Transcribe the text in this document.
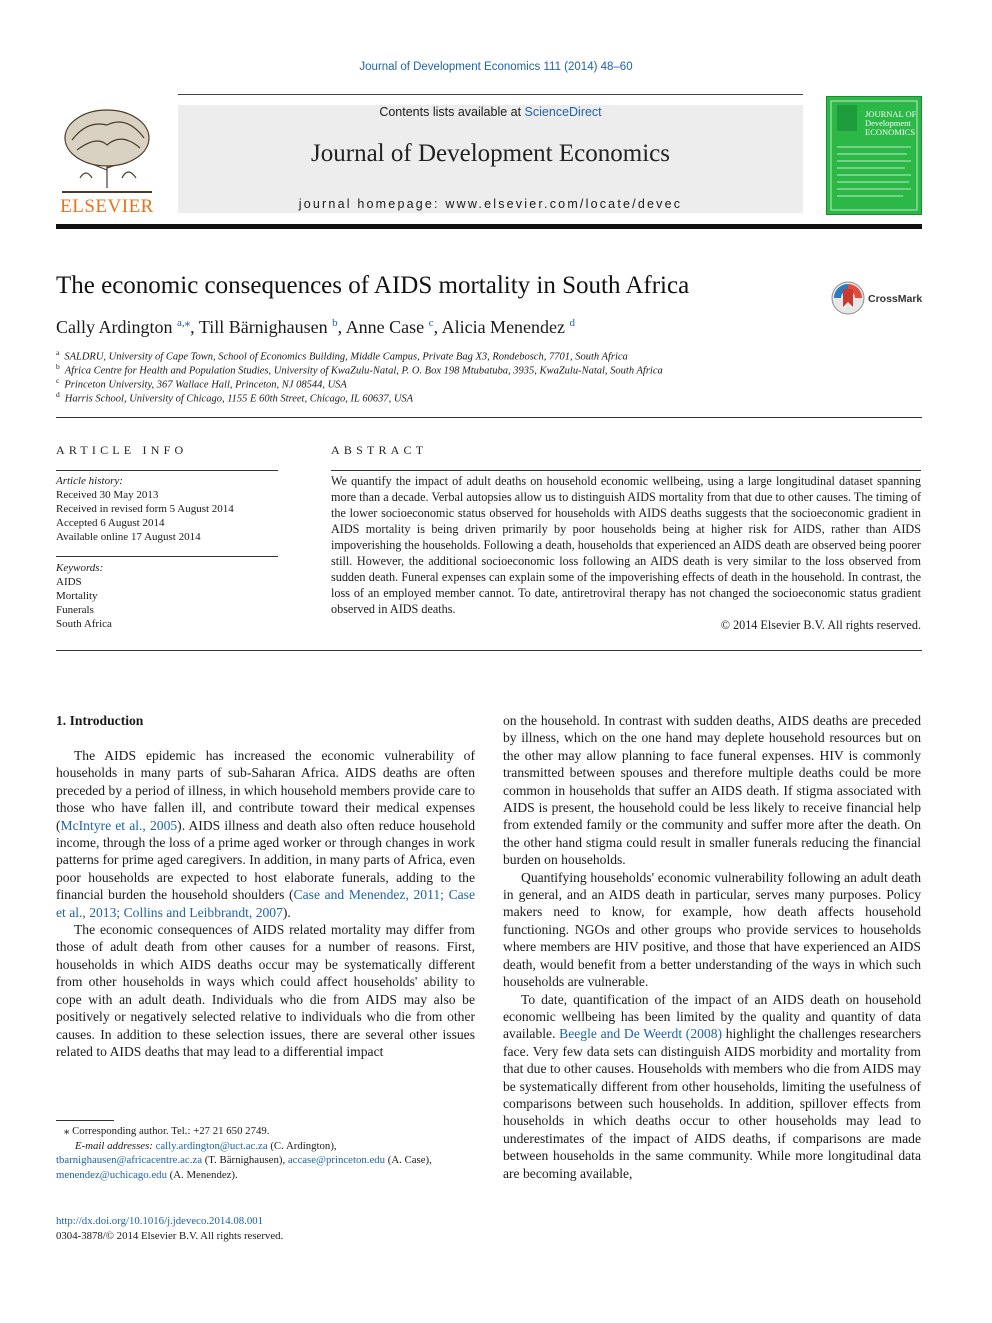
Journal of Development Economics 111 (2014) 48–60
Contents lists available at ScienceDirect
Journal of Development Economics
journal homepage: www.elsevier.com/locate/devec
ELSEVIER
JOURNAL OF
Development
ECONOMICS
The economic consequences of AIDS mortality in South Africa	CrossMark
Cally Ardington $^{a,⁎}$, Till Bärnighausen $^b$, Anne Case $^c$, Alicia Menendez $^d$
$^a$ SALDRU, University of Cape Town, School of Economics Building, Middle Campus, Private Bag X3, Rondebosch, 7701, South Africa
$^b$ Africa Centre for Health and Population Studies, University of KwaZulu-Natal, P. O. Box 198 Mtubatuba, 3935, KwaZulu-Natal, South Africa
$^c$ Princeton University, 367 Wallace Hall, Princeton, NJ 08544, USA
$^d$ Harris School, University of Chicago, 1155 E 60th Street, Chicago, IL 60637, USA
ARTICLE INFO
Article history:
Received 30 May 2013
Received in revised form 5 August 2014
Accepted 6 August 2014
Available online 17 August 2014
Keywords:
AIDS
Mortality
Funerals
South Africa
ABSTRACT
We quantify the impact of adult deaths on household economic wellbeing, using a large longitudinal dataset spanning more than a decade. Verbal autopsies allow us to distinguish AIDS mortality from that due to other causes. The timing of the lower socioeconomic status observed for households with AIDS deaths suggests that the socioeconomic gradient in AIDS mortality is being driven primarily by poor households being at higher risk for AIDS, rather than AIDS impoverishing the households. Following a death, households that experienced an AIDS death are observed being poorer still. However, the additional socioeconomic loss following an AIDS death is very similar to the loss observed from sudden death. Funeral expenses can explain some of the impoverishing effects of death in the household. In contrast, the loss of an employed member cannot. To date, antiretroviral therapy has not changed the socioeconomic status gradient observed in AIDS deaths.
© 2014 Elsevier B.V. All rights reserved.
1. Introduction

The AIDS epidemic has increased the economic vulnerability of households in many parts of sub-Saharan Africa. AIDS deaths are often preceded by a period of illness, in which household members provide care to those who have fallen ill, and contribute toward their medical expenses (McIntyre et al., 2005). AIDS illness and death also often reduce household income, through the loss of a prime aged worker or through changes in work patterns for prime aged caregivers. In addition, in many parts of Africa, even poor households are expected to host elaborate funerals, adding to the financial burden the household shoulders (Case and Menendez, 2011; Case et al., 2013; Collins and Leibbrandt, 2007).

The economic consequences of AIDS related mortality may differ from those of adult death from other causes for a number of reasons. First, households in which AIDS deaths occur may be systematically different from other households in ways which could affect households' ability to cope with an adult death. Individuals who die from AIDS may also be positively or negatively selected relative to individuals who die from other causes. In addition to these selection issues, there are several other issues related to AIDS deaths that may lead to a differential impact

on the household. In contrast with sudden deaths, AIDS deaths are preceded by illness, which on the one hand may deplete household resources but on the other may allow planning to face funeral expenses. HIV is commonly transmitted between spouses and therefore multiple deaths could be more common in households that suffer an AIDS death. If stigma associated with AIDS is present, the household could be less likely to receive financial help from extended family or the community and suffer more after the death. On the other hand stigma could result in smaller funerals reducing the financial burden on households.

Quantifying households' economic vulnerability following an adult death in general, and an AIDS death in particular, serves many purposes. Policy makers need to know, for example, how death affects household functioning. NGOs and other groups who provide services to households where members are HIV positive, and those that have experienced an AIDS death, would benefit from a better understanding of the ways in which such households are vulnerable.

To date, quantification of the impact of an AIDS death on household economic wellbeing has been limited by the quality and quantity of data available. Beegle and De Weerdt (2008) highlight the challenges researchers face. Very few data sets can distinguish AIDS morbidity and mortality from that due to other causes. Households with members who die from AIDS may be systematically different from other households, limiting the usefulness of comparisons between such households. In addition, spillover effects from households in which deaths occur to other households may lead to underestimates of the impact of AIDS deaths, if comparisons are made between households in the same community. While more longitudinal data are becoming available,

⁎ Corresponding author. Tel.: +27 21 650 2749.
E-mail addresses: cally.ardington@uct.ac.za (C. Ardington),
tbarnighausen@africacentre.ac.za (T. Bärnighausen), accase@princeton.edu (A. Case),
menendez@uchicago.edu (A. Menendez).
http://dx.doi.org/10.1016/j.jdeveco.2014.08.001
0304-3878/© 2014 Elsevier B.V. All rights reserved.
